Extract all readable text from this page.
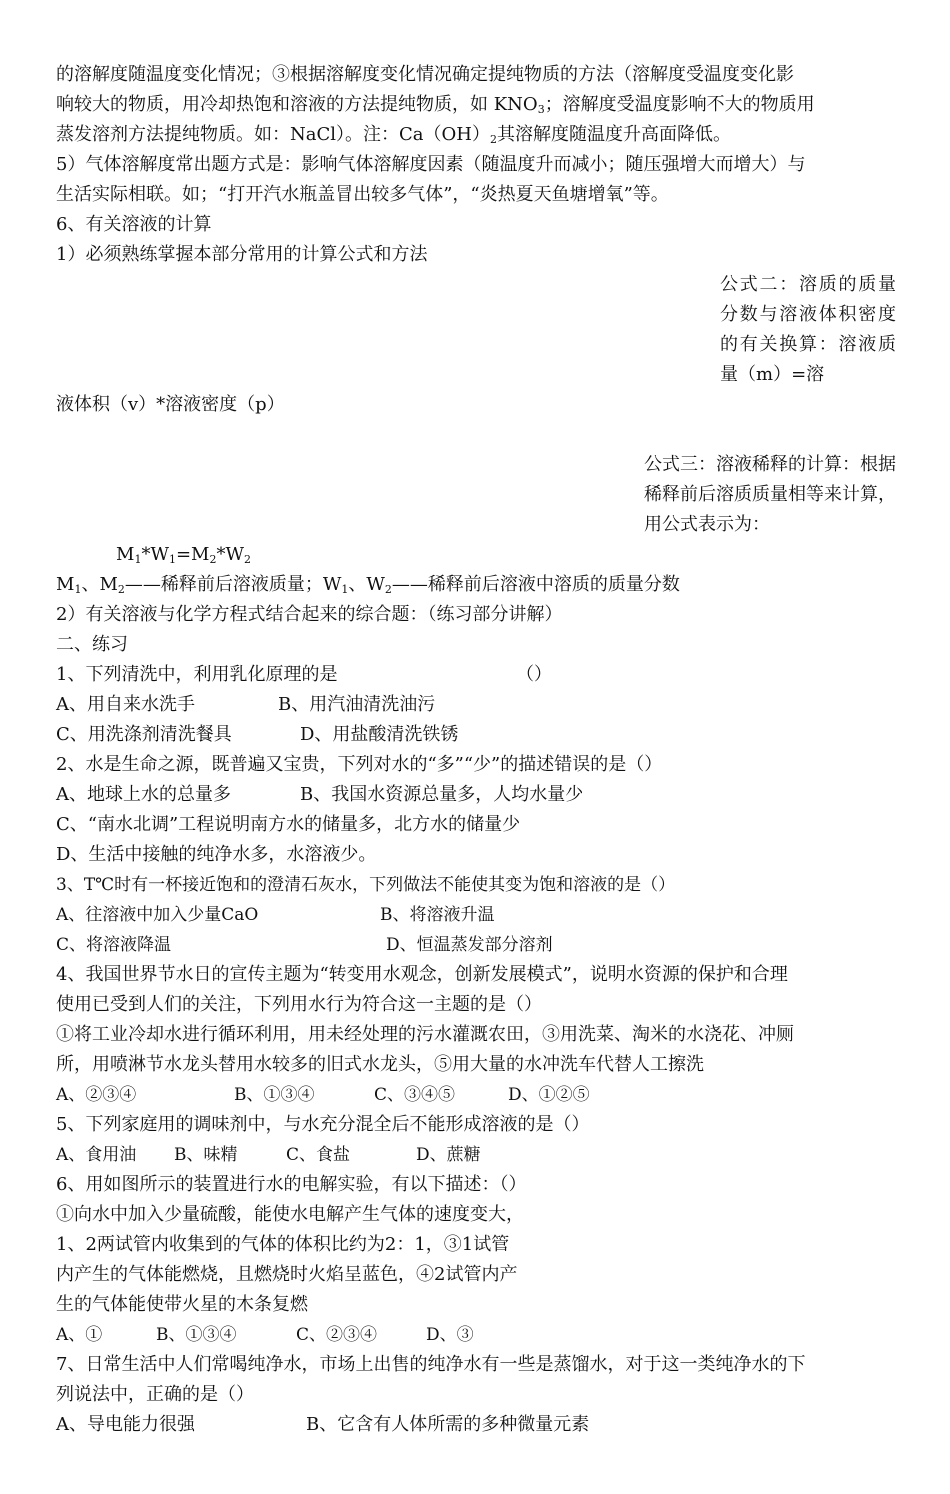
的溶解度随温度变化情况；③根据溶解度变化情况确定提纯物质的方法（溶解度受温度变化影
响较大的物质，用冷却热饱和溶液的方法提纯物质，如 $KNO_3$；溶解度受温度影响不大的物质用
蒸发溶剂方法提纯物质。如：NaCl）。注：$Ca(OH)_2$其溶解度随温度升高面降低。
5）气体溶解度常出题方式是：影响气体溶解度因素（随温度升而减小；随压强增大而增大）与
生活实际相联。如；“打开汽水瓶盖冒出较多气体”，“炎热夏天鱼塘增氧”等。
6、有关溶液的计算
1）必须熟练掌握本部分常用的计算公式和方法
公式二：溶质的质量分数与溶液体积密度的有关换算：溶液质量（m）=溶
液体积（v）*溶液密度（p）
公式三：溶液稀释的计算：根据稀释前后溶质质量相等来计算，用公式表示为：
$M_1*W_1=M_2*W_2$
$M_1$、$M_2——$稀释前后溶液质量；$W_1$、$W_2——$稀释前后溶液中溶质的质量分数
2）有关溶液与化学方程式结合起来的综合题：（练习部分讲解）
二、练习
1、下列清洗中，利用乳化原理的是	（）
A、用自来水洗手	B、用汽油清洗油污
C、用洗涤剂清洗餐具	D、用盐酸清洗铁锈
2、水是生命之源，既普遍又宝贵，下列对水的“多”“少”的描述错误的是（）
A、地球上水的总量多	B、我国水资源总量多，人均水量少
C、“南水北调”工程说明南方水的储量多，北方水的储量少
D、生活中接触的纯净水多，水溶液少。
3、T℃时有一杯接近饱和的澄清石灰水，下列做法不能使其变为饱和溶液的是（）
A、往溶液中加入少量CaO	B、将溶液升温
C、将溶液降温	D、恒温蒸发部分溶剂
4、我国世界节水日的宣传主题为“转变用水观念，创新发展模式”，说明水资源的保护和合理
使用已受到人们的关注，下列用水行为符合这一主题的是（）
①将工业冷却水进行循环利用，用未经处理的污水灌溉农田，③用洗菜、淘米的水浇花、冲厕
所，用喷淋节水龙头替用水较多的旧式水龙头，⑤用大量的水冲洗车代替人工擦洗
A、②③④	B、①③④	C、③④⑤	D、①②⑤
5、下列家庭用的调味剂中，与水充分混全后不能形成溶液的是（）
A、食用油 B、味精	C、食盐	D、蔗糖
6、用如图所示的装置进行水的电解实验，有以下描述：（）
①向水中加入少量硫酸，能使水电解产生气体的速度变大，
1、2两试管内收集到的气体的体积比约为2：1，③1试管
内产生的气体能燃烧，且燃烧时火焰呈蓝色，④2试管内产
生的气体能使带火星的木条复燃
A、①	B、①③④	C、②③④	D、③
7、日常生活中人们常喝纯净水，市场上出售的纯净水有一些是蒸馏水，对于这一类纯净水的下
列说法中，正确的是（）
A、导电能力很强	B、它含有人体所需的多种微量元素
